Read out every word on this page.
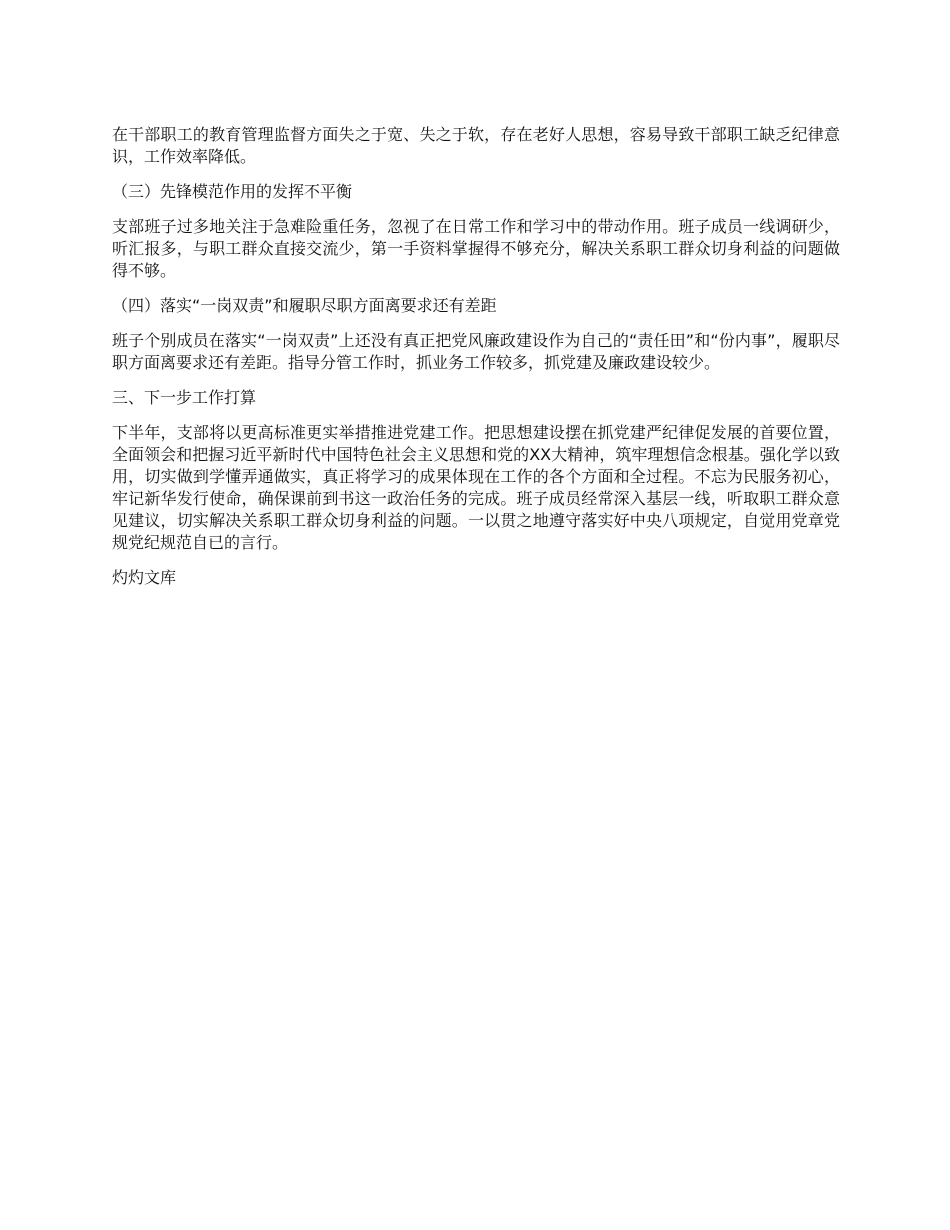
在干部职工的教育管理监督方面失之于宽、失之于软，存在老好人思想，容易导致干部职工缺乏纪律意识，工作效率降低。

（三）先锋模范作用的发挥不平衡

支部班子过多地关注于急难险重任务，忽视了在日常工作和学习中的带动作用。班子成员一线调研少，听汇报多，与职工群众直接交流少，第一手资料掌握得不够充分，解决关系职工群众切身利益的问题做得不够。

（四）落实“一岗双责”和履职尽职方面离要求还有差距

班子个别成员在落实“一岗双责”上还没有真正把党风廉政建设作为自己的“责任田”和“份内事”，履职尽职方面离要求还有差距。指导分管工作时，抓业务工作较多，抓党建及廉政建设较少。

三、下一步工作打算

下半年，支部将以更高标准更实举措推进党建工作。把思想建设摆在抓党建严纪律促发展的首要位置，全面领会和把握习近平新时代中国特色社会主义思想和党的XX大精神，筑牢理想信念根基。强化学以致用，切实做到学懂弄通做实，真正将学习的成果体现在工作的各个方面和全过程。不忘为民服务初心，牢记新华发行使命，确保课前到书这一政治任务的完成。班子成员经常深入基层一线，听取职工群众意见建议，切实解决关系职工群众切身利益的问题。一以贯之地遵守落实好中央八项规定，自觉用党章党规党纪规范自已的言行。

灼灼文库
